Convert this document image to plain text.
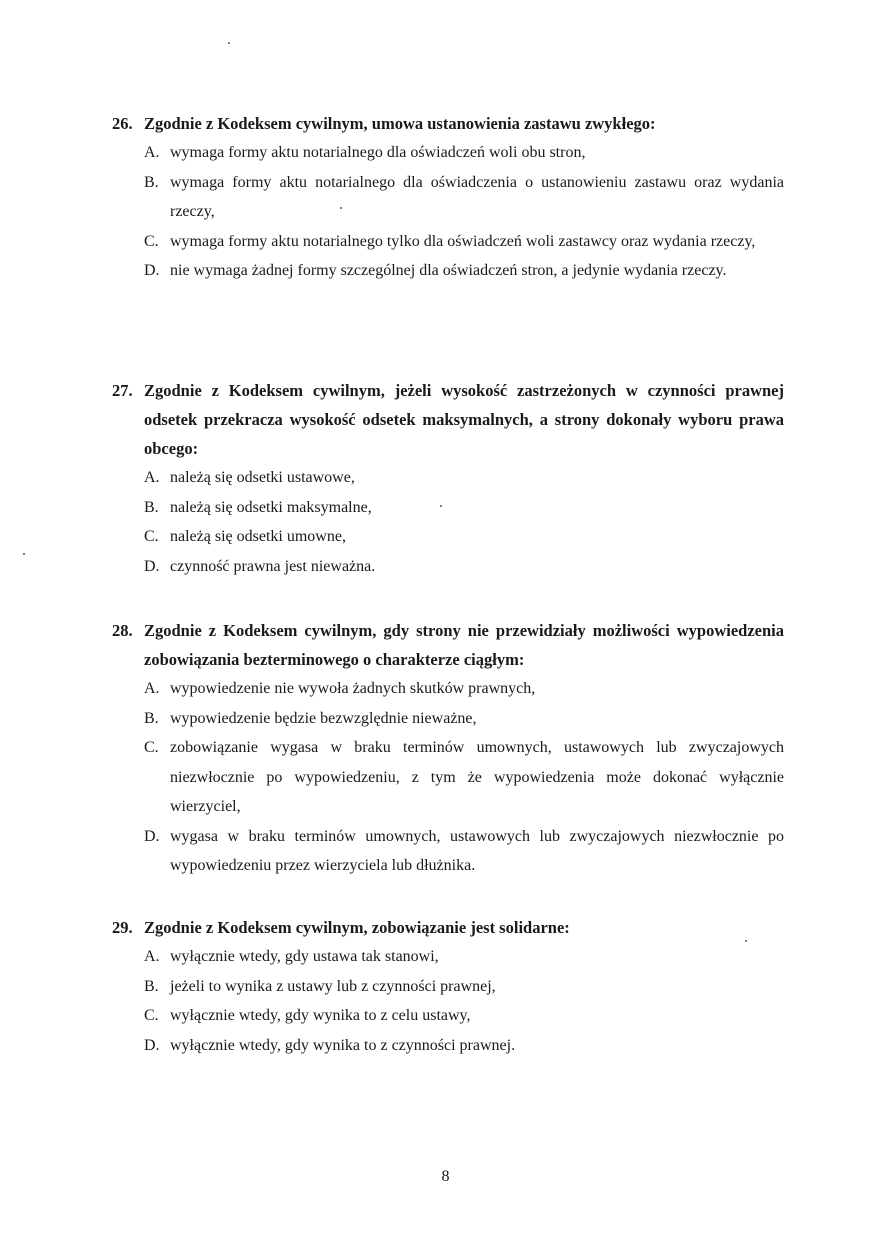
26. Zgodnie z Kodeksem cywilnym, umowa ustanowienia zastawu zwykłego:
A. wymaga formy aktu notarialnego dla oświadczeń woli obu stron,
B. wymaga formy aktu notarialnego dla oświadczenia o ustanowieniu zastawu oraz wydania rzeczy,
C. wymaga formy aktu notarialnego tylko dla oświadczeń woli zastawcy oraz wydania rzeczy,
D. nie wymaga żadnej formy szczególnej dla oświadczeń stron, a jedynie wydania rzeczy.
27. Zgodnie z Kodeksem cywilnym, jeżeli wysokość zastrzeżonych w czynności prawnej odsetek przekracza wysokość odsetek maksymalnych, a strony dokonały wyboru prawa obcego:
A. należą się odsetki ustawowe,
B. należą się odsetki maksymalne,
C. należą się odsetki umowne,
D. czynność prawna jest nieważna.
28. Zgodnie z Kodeksem cywilnym, gdy strony nie przewidziały możliwości wypowiedzenia zobowiązania bezterminowego o charakterze ciągłym:
A. wypowiedzenie nie wywoła żadnych skutków prawnych,
B. wypowiedzenie będzie bezwzględnie nieważne,
C. zobowiązanie wygasa w braku terminów umownych, ustawowych lub zwyczajowych niezwłocznie po wypowiedzeniu, z tym że wypowiedzenia może dokonać wyłącznie wierzyciel,
D. wygasa w braku terminów umownych, ustawowych lub zwyczajowych niezwłocznie po wypowiedzeniu przez wierzyciela lub dłużnika.
29. Zgodnie z Kodeksem cywilnym, zobowiązanie jest solidarne:
A. wyłącznie wtedy, gdy ustawa tak stanowi,
B. jeżeli to wynika z ustawy lub z czynności prawnej,
C. wyłącznie wtedy, gdy wynika to z celu ustawy,
D. wyłącznie wtedy, gdy wynika to z czynności prawnej.
8
